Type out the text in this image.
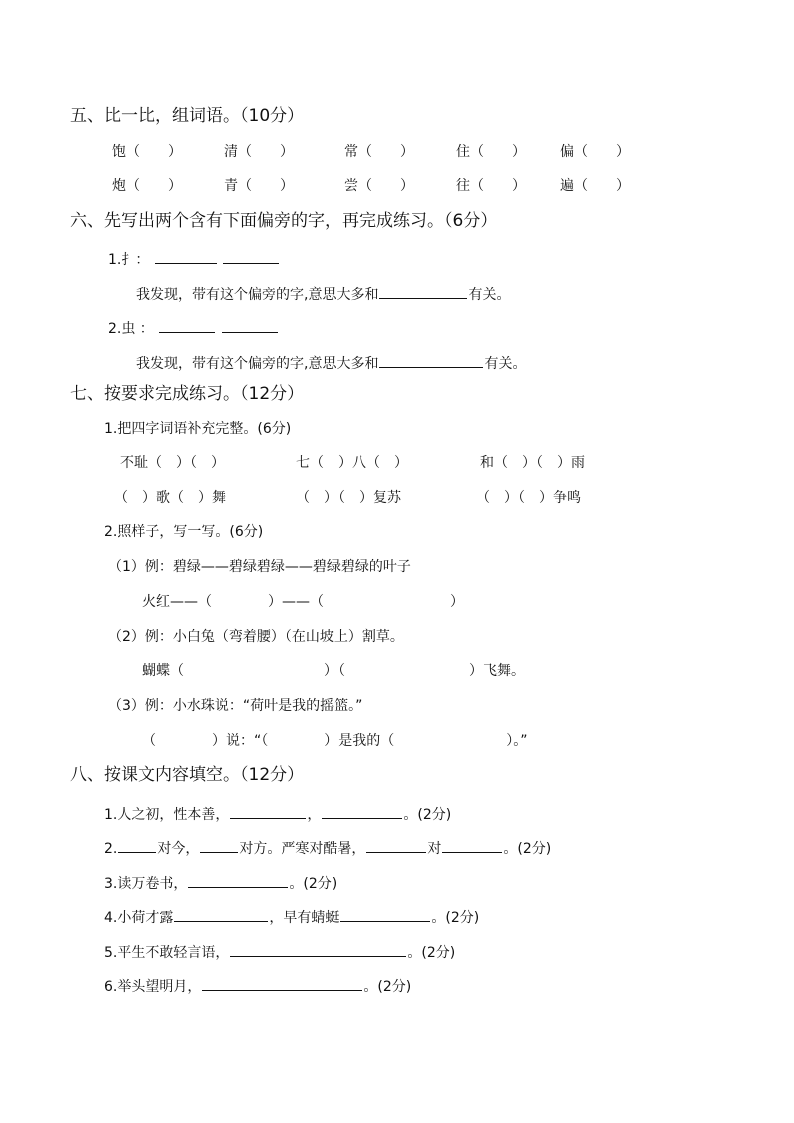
五、比一比，组词语。（10分）
饱（　　）	清（　　）	常（　　）	住（　　） 偏（　　）
炮（　　）	青（　　）	尝（　　）	往（　　） 遍（　　）
六、先写出两个含有下面偏旁的字，再完成练习。（6分）
1.扌：
我发现，带有这个偏旁的字,意思大多和	有关。
2.虫 ：
我发现，带有这个偏旁的字,意思大多和	有关。
七、按要求完成练习。（12分）
1.把四字词语补充完整。(6分)
不耻（　）（　）	七（　）八（　）	和（　）（　）雨
（　）歌（　）舞	（　）（　）复苏	（　）（　）争鸣
2.照样子，写一写。(6分)
（1）例：碧绿——碧绿碧绿——碧绿碧绿的叶子
火红——（　　　　）——（　　　　　　　　　）
（2）例：小白兔（弯着腰）（在山坡上）割草。
蝴蝶（	）（	）飞舞。
（3）例：小水珠说：“荷叶是我的摇篮。”
（　　　　）说：“（　　　　）是我的（　　　　　　　　）。”
八、按课文内容填空。（12分）
1.人之初，性本善，	，	。(2分)
2.	对今，	对方。严寒对酷暑，	对	。(2分)
3.读万卷书，	。(2分)
4.小荷才露	，早有蜻蜓	。(2分)
5.平生不敢轻言语，	。(2分)
6.举头望明月，	。(2分)
